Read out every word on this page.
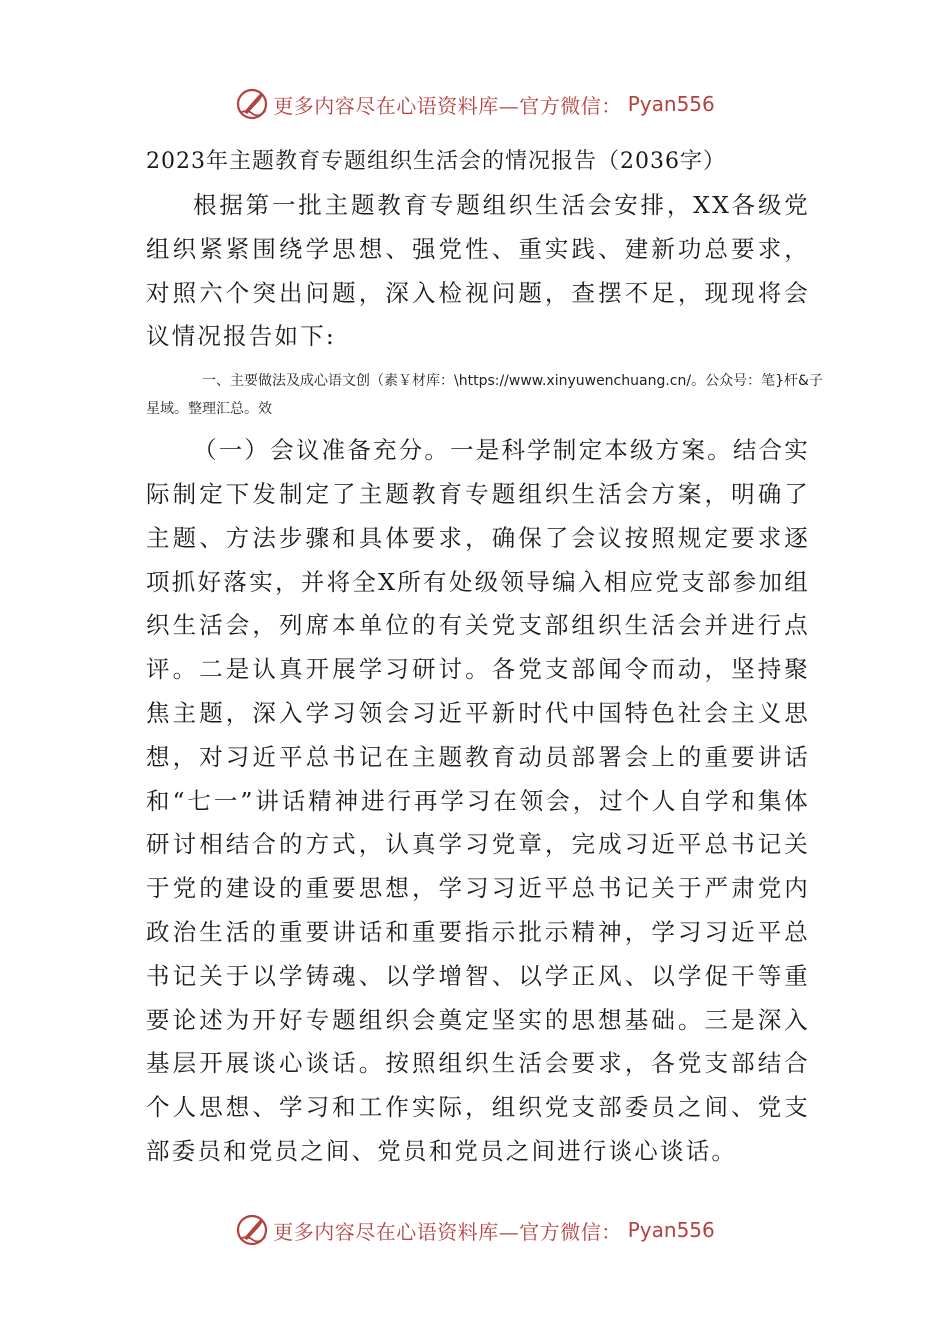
更多内容尽在心语资料库—官方微信： Pyan556

2023年主题教育专题组织生活会的情况报告（2036字）

根据第一批主题教育专题组织生活会安排，XX各级党组织紧紧围绕学思想、强党性、重实践、建新功总要求，对照六个突出问题，深入检视问题，查摆不足，现现将会议情况报告如下:

一、主要做法及成心语文创（素￥材库：\https://www.xinyuwenchuang.cn/。公众号：笔}杆&子星域。整理汇总。效

（一）会议准备充分。一是科学制定本级方案。结合实际制定下发制定了主题教育专题组织生活会方案，明确了主题、方法步骤和具体要求，确保了会议按照规定要求逐项抓好落实，并将全X所有处级领导编入相应党支部参加组织生活会，列席本单位的有关党支部组织生活会并进行点评。二是认真开展学习研讨。各党支部闻令而动，坚持聚焦主题，深入学习领会习近平新时代中国特色社会主义思想，对习近平总书记在主题教育动员部署会上的重要讲话和“七一”讲话精神进行再学习在领会，过个人自学和集体研讨相结合的方式，认真学习党章，完成习近平总书记关于党的建设的重要思想，学习习近平总书记关于严肃党内政治生活的重要讲话和重要指示批示精神，学习习近平总书记关于以学铸魂、以学增智、以学正风、以学促干等重要论述为开好专题组织会奠定坚实的思想基础。三是深入基层开展谈心谈话。按照组织生活会要求，各党支部结合个人思想、学习和工作实际，组织党支部委员之间、党支部委员和党员之间、党员和党员之间进行谈心谈话。

更多内容尽在心语资料库—官方微信： Pyan556
